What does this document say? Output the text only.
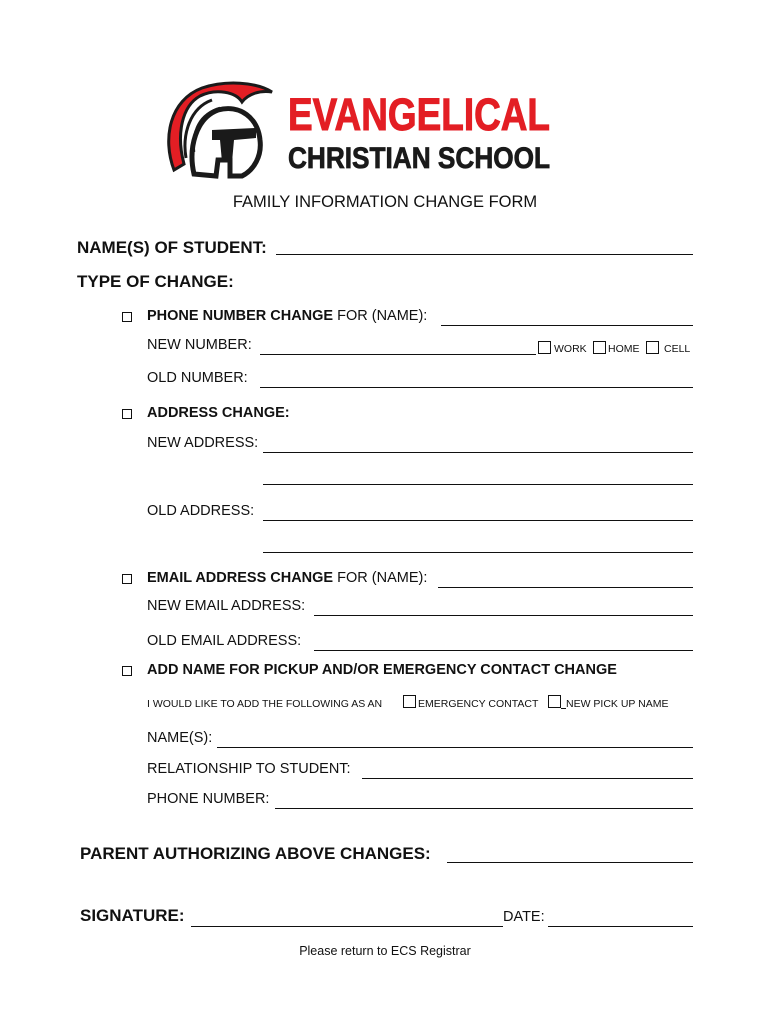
EVANGELICAL
CHRISTIAN SCHOOL
FAMILY INFORMATION CHANGE FORM
NAME(S) OF STUDENT:
TYPE OF CHANGE:
PHONE NUMBER CHANGE FOR (NAME):
NEW NUMBER:	WORK HOME CELL
OLD NUMBER:
ADDRESS CHANGE:
NEW ADDRESS:
OLD ADDRESS:
EMAIL ADDRESS CHANGE FOR (NAME):
NEW EMAIL ADDRESS:
OLD EMAIL ADDRESS:
ADD NAME FOR PICKUP AND/OR EMERGENCY CONTACT CHANGE
I WOULD LIKE TO ADD THE FOLLOWING AS AN	EMERGENCY CONTACT	NEW PICK UP NAME
NAME(S):
RELATIONSHIP TO STUDENT:
PHONE NUMBER:
PARENT AUTHORIZING ABOVE CHANGES:
SIGNATURE:	DATE:
Please return to ECS Registrar
